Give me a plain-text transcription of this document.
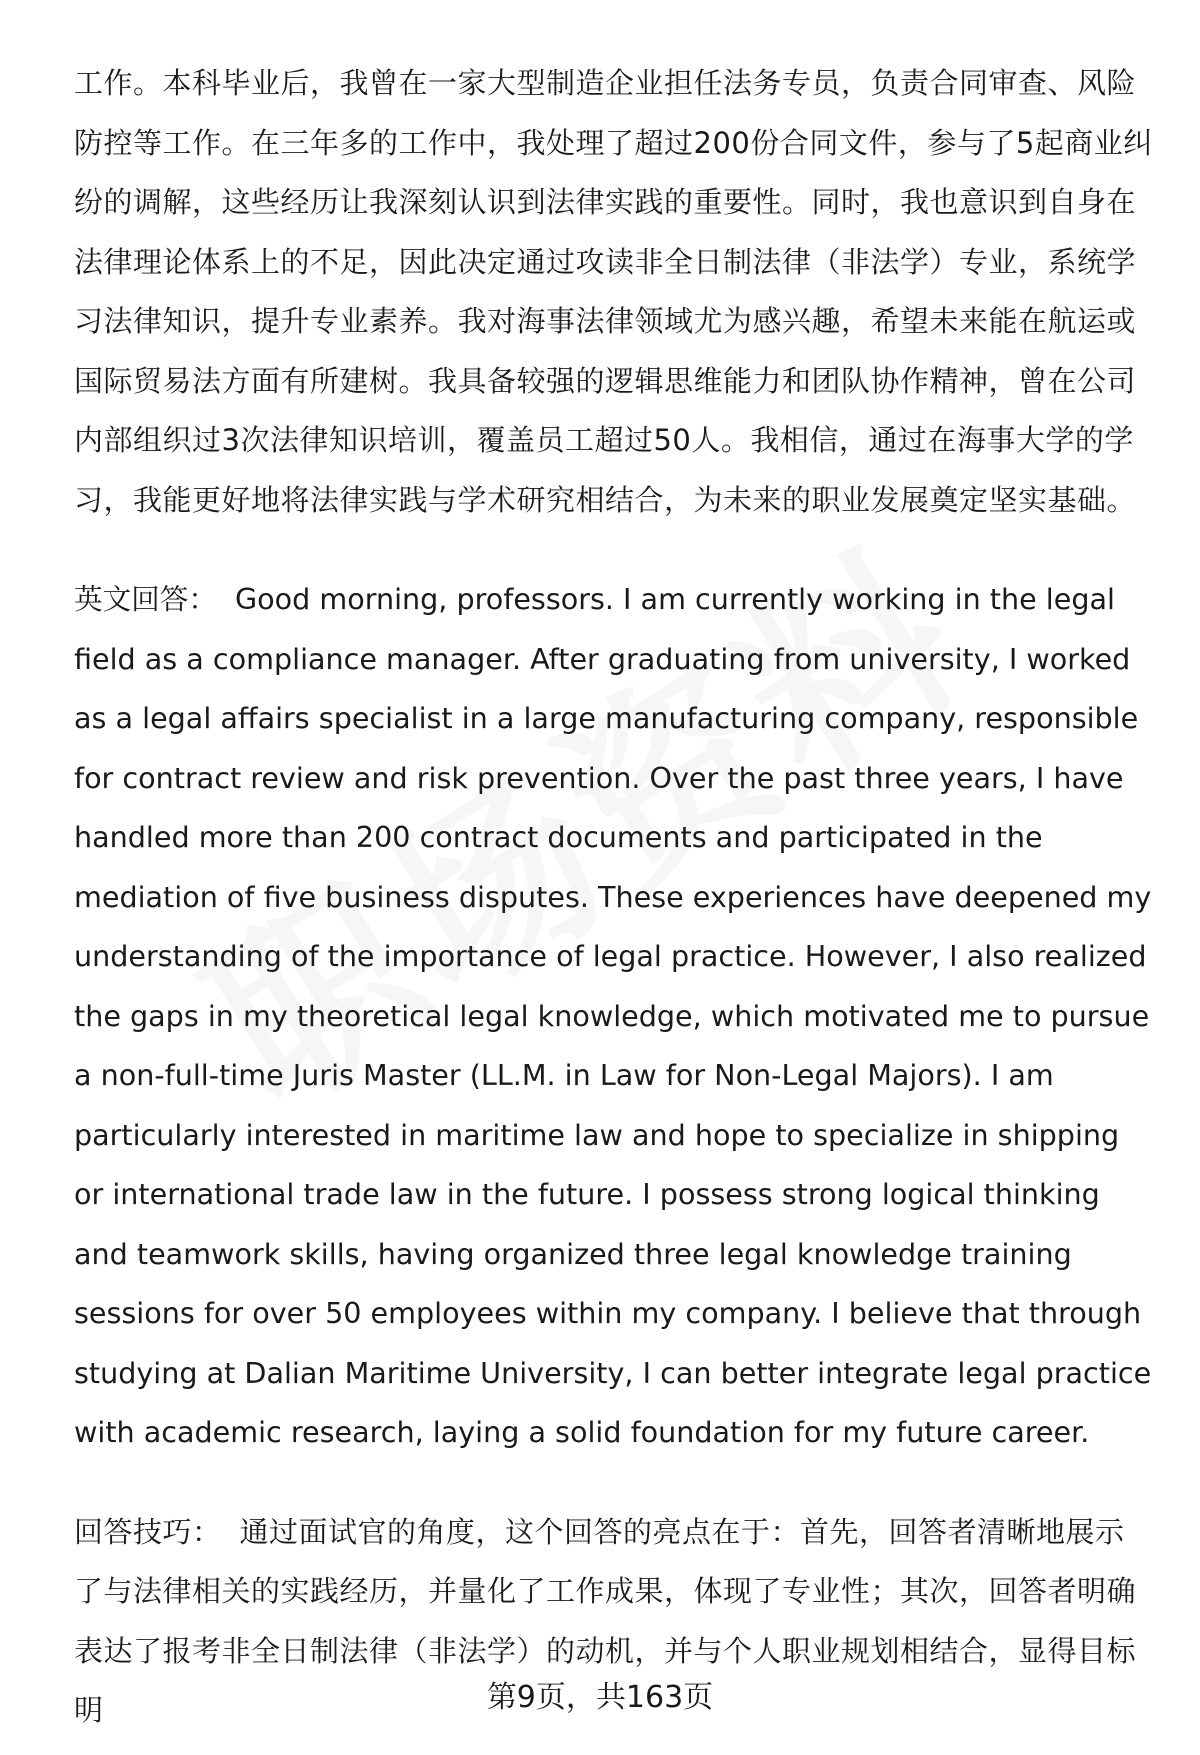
工作。本科毕业后，我曾在一家大型制造企业担任法务专员，负责合同审查、风险防控等工作。在三年多的工作中，我处理了超过200份合同文件，参与了5起商业纠纷的调解，这些经历让我深刻认识到法律实践的重要性。同时，我也意识到自身在法律理论体系上的不足，因此决定通过攻读非全日制法律（非法学）专业，系统学习法律知识，提升专业素养。我对海事法律领域尤为感兴趣，希望未来能在航运或国际贸易法方面有所建树。我具备较强的逻辑思维能力和团队协作精神，曾在公司内部组织过3次法律知识培训，覆盖员工超过50人。我相信，通过在海事大学的学习，我能更好地将法律实践与学术研究相结合，为未来的职业发展奠定坚实基础。

英文回答： Good morning, professors. I am currently working in the legal field as a compliance manager. After graduating from university, I worked as a legal affairs specialist in a large manufacturing company, responsible for contract review and risk prevention. Over the past three years, I have handled more than 200 contract documents and participated in the mediation of five business disputes. These experiences have deepened my understanding of the importance of legal practice. However, I also realized the gaps in my theoretical legal knowledge, which motivated me to pursue a non-full-time Juris Master (LL.M. in Law for Non-Legal Majors). I am particularly interested in maritime law and hope to specialize in shipping or international trade law in the future. I possess strong logical thinking and teamwork skills, having organized three legal knowledge training sessions for over 50 employees within my company. I believe that through studying at Dalian Maritime University, I can better integrate legal practice with academic research, laying a solid foundation for my future career.

回答技巧： 通过面试官的角度，这个回答的亮点在于：首先，回答者清晰地展示了与法律相关的实践经历，并量化了工作成果，体现了专业性；其次，回答者明确表达了报考非全日制法律（非法学）的动机，并与个人职业规划相结合，显得目标明	第9页，共163页
